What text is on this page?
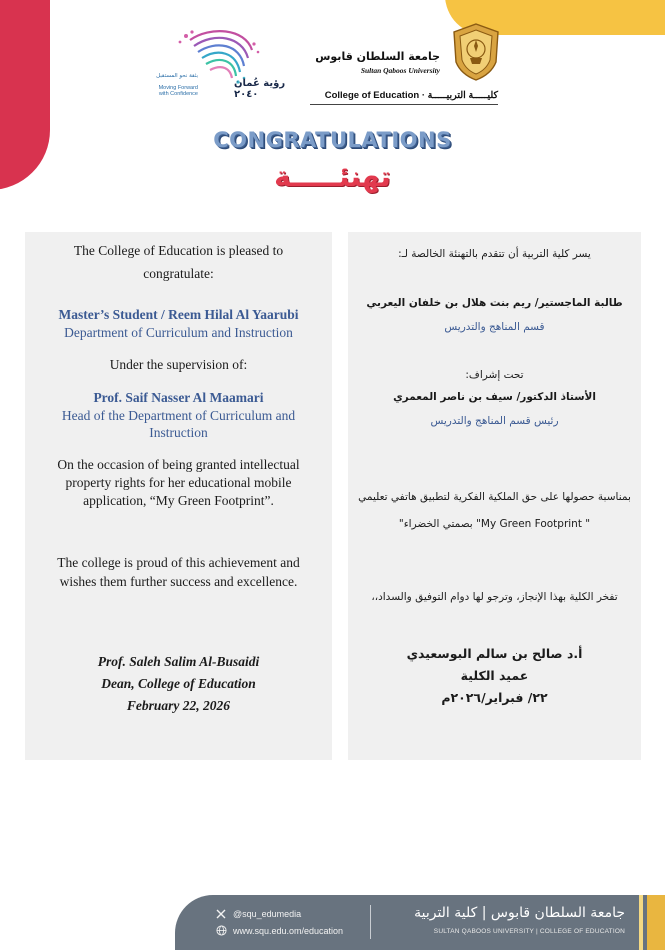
رؤية عُمان ٢٠٤٠
بثقة نحو المستقبل
Moving Forward with Confidence
جامعة السلطان قابوس
Sultan Qaboos University
College of Education · كليـــــة التربيـــــة
CONGRATULATIONS
تهنئـــــة
The College of Education is pleased to
congratulate:
Master’s Student / Reem Hilal Al Yaarubi
Department of Curriculum and Instruction
Under the supervision of:
Prof. Saif Nasser Al Maamari
Head of the Department of Curriculum and
Instruction
On the occasion of being granted intellectual
property rights for her educational mobile
application, “My Green Footprint”.
The college is proud of this achievement and
wishes them further success and excellence.
Prof. Saleh Salim Al-Busaidi
Dean, College of Education
February 22, 2026
يسر كلية التربية أن تتقدم بالتهنئة الخالصة لـ:
طالبة الماجستير/ ريم بنت هلال بن خلفان اليعربي
قسم المناهج والتدريس
تحت إشراف:
الأستاذ الدكتور/ سيف بن ناصر المعمري
رئيس قسم المناهج والتدريس
بمناسبة حصولها على حق الملكية الفكرية لتطبيق هاتفي تعليمي
"بصمتي الخضراء "My Green Footprint "
تفخر الكلية بهذا الإنجاز، وترجو لها دوام التوفيق والسداد،،
أ.د صالح بن سالم البوسعيدي
عميد الكلية
٢٢/ فبراير/٢٠٢٦م
@squ_edumedia
www.squ.edu.om/education
جامعة السلطان قابوس | كلية التربية
SULTAN QABOOS UNIVERSITY | COLLEGE OF EDUCATION
